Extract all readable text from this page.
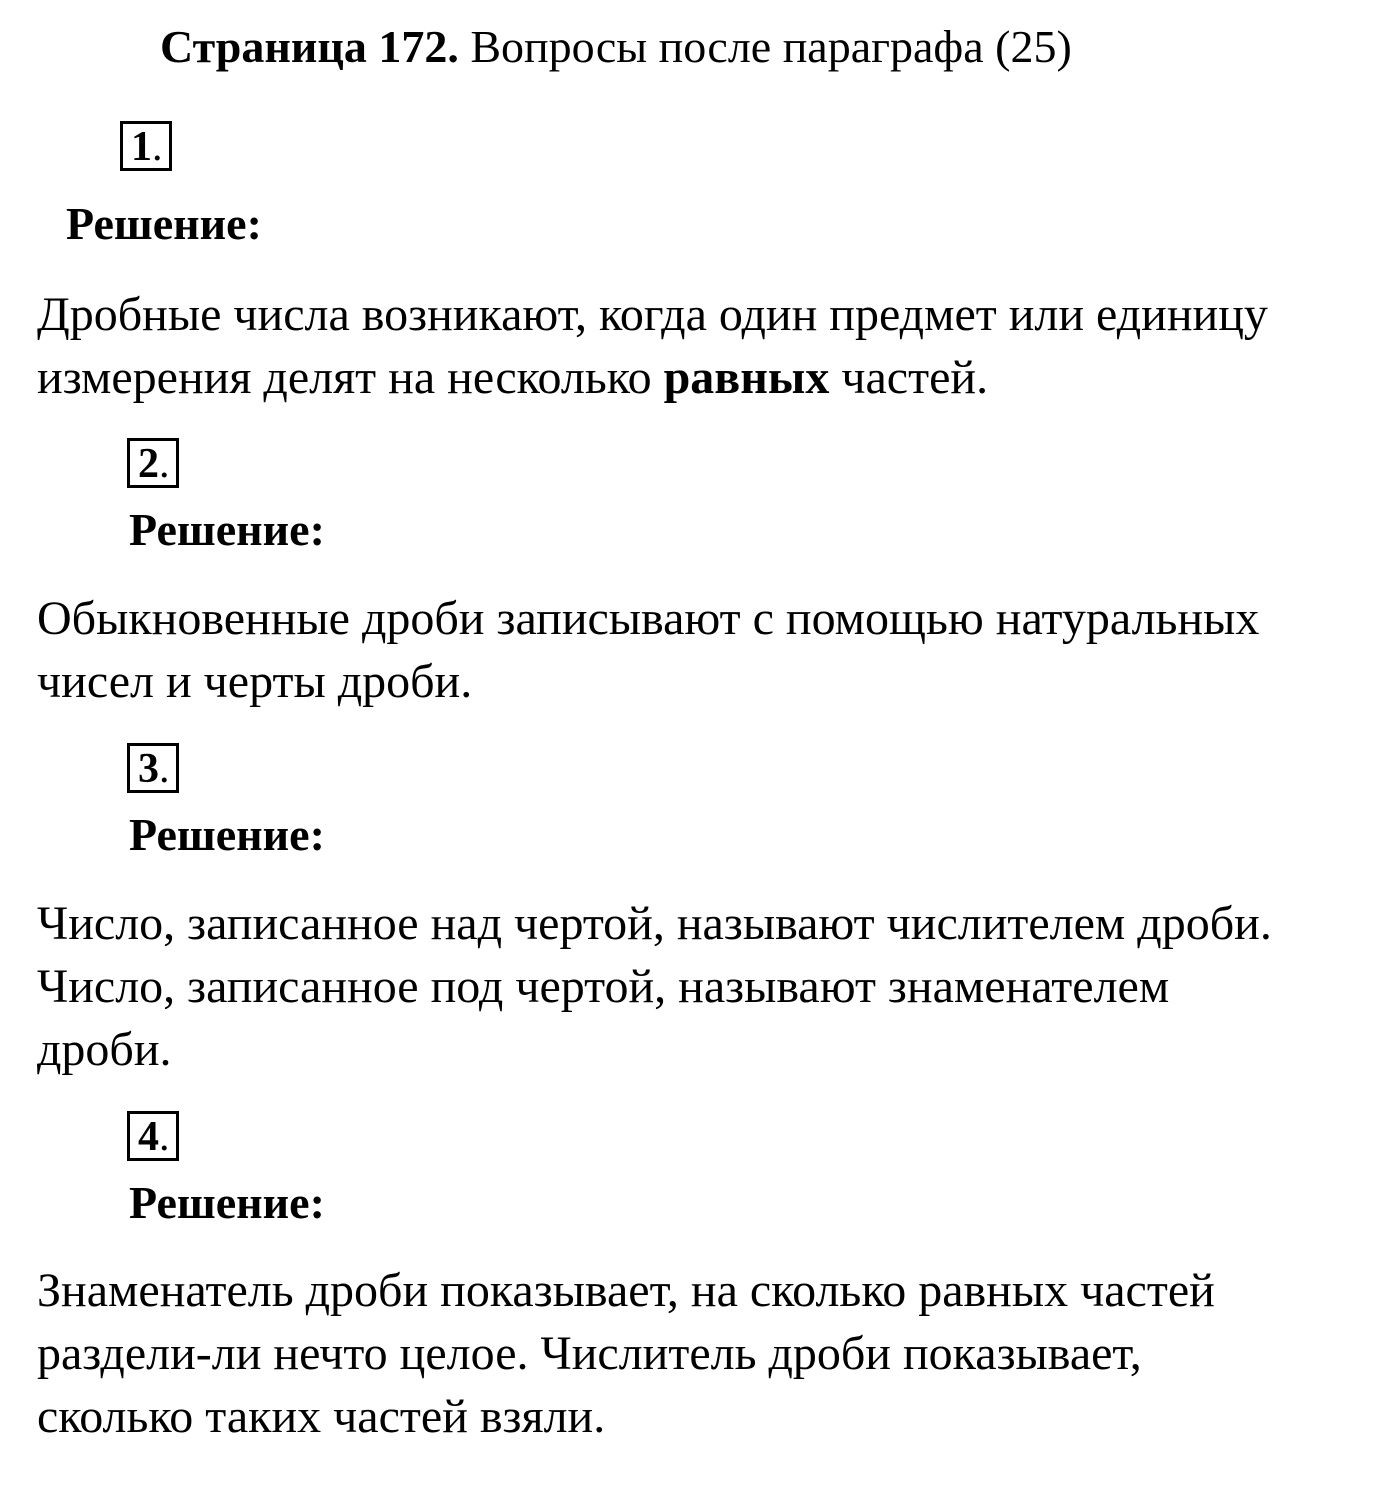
Страница 172. Вопросы после параграфа (25)
1.
Решение:

Дробные числа возникают, когда один предмет или единицу
измерения делят на несколько равных частей.

2.
Решение:

Обыкновенные дроби записывают с помощью натуральных
чисел и черты дроби.

3.
Решение:

Число, записанное над чертой, называют числителем дроби.
Число, записанное под чертой, называют знаменателем
дроби.

4.
Решение:

Знаменатель дроби показывает, на сколько равных частей
раздели-ли нечто целое. Числитель дроби показывает,
сколько таких частей взяли.
